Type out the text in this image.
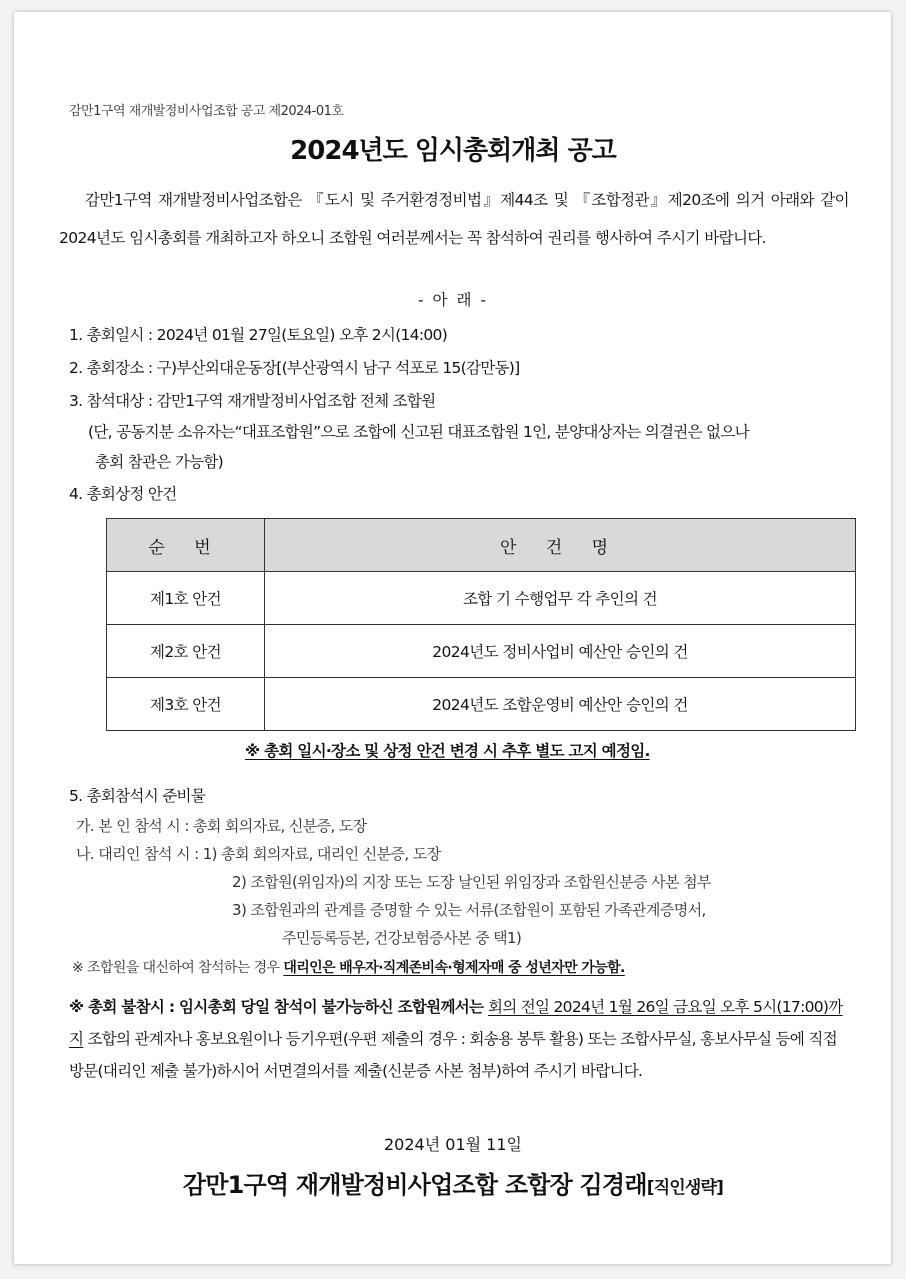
감만1구역 재개발정비사업조합 공고 제2024-01호
2024년도 임시총회개최 공고
감만1구역 재개발정비사업조합은 『도시 및 주거환경정비법』제44조 및 『조합정관』제20조에 의거 아래와 같이 2024년도 임시총회를 개최하고자 하오니 조합원 여러분께서는 꼭 참석하여 권리를 행사하여 주시기 바랍니다.
- 아 래 -
1. 총회일시 : 2024년 01월 27일(토요일) 오후 2시(14:00)
2. 총회장소 : 구)부산외대운동장[(부산광역시 남구 석포로 15(감만동)]
3. 참석대상 : 감만1구역 재개발정비사업조합 전체 조합원
(단, 공동지분 소유자는“대표조합원”으로 조합에 신고된 대표조합원 1인, 분양대상자는 의결권은 없으나
총회 참관은 가능함)
4. 총회상정 안건
순 번	안 건 명
제1호 안건	조합 기 수행업무 각 추인의 건
제2호 안건	2024년도 정비사업비 예산안 승인의 건
제3호 안건	2024년도 조합운영비 예산안 승인의 건
※ 총회 일시·장소 및 상정 안건 변경 시 추후 별도 고지 예정임.
5. 총회참석시 준비물
가. 본 인 참석 시 : 총회 회의자료, 신분증, 도장
나. 대리인 참석 시 : 1) 총회 회의자료, 대리인 신분증, 도장
2) 조합원(위임자)의 지장 또는 도장 날인된 위임장과 조합원신분증 사본 첨부
3) 조합원과의 관계를 증명할 수 있는 서류(조합원이 포함된 가족관계증명서,
주민등록등본, 건강보험증사본 중 택1)
※ 조합원을 대신하여 참석하는 경우 대리인은 배우자·직계존비속·형제자매 중 성년자만 가능함.
※ 총회 불참시 : 임시총회 당일 참석이 불가능하신 조합원께서는 회의 전일 2024년 1월 26일 금요일 오후 5시(17:00)까지 조합의 관계자나 홍보요원이나 등기우편(우편 제출의 경우 : 회송용 봉투 활용) 또는 조합사무실, 홍보사무실 등에 직접 방문(대리인 제출 불가)하시어 서면결의서를 제출(신분증 사본 첨부)하여 주시기 바랍니다.
2024년 01월 11일
감만1구역 재개발정비사업조합 조합장 김경래[직인생략]
